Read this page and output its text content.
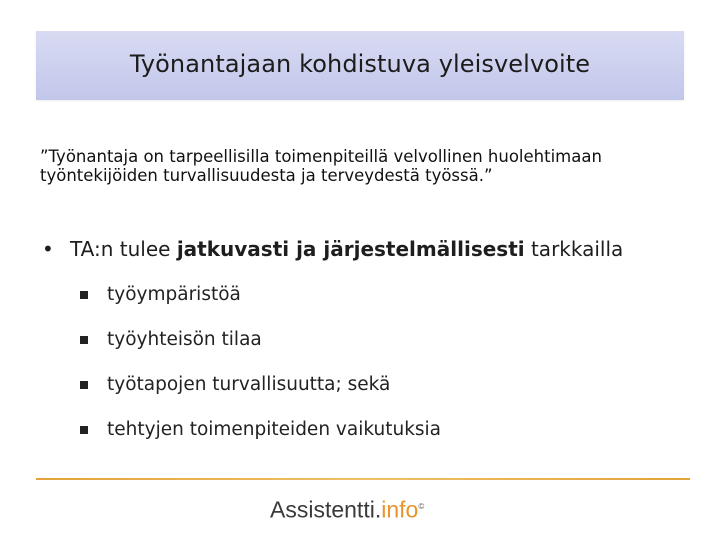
Työnantajaan kohdistuva yleisvelvoite
”Työnantaja on tarpeellisilla toimenpiteillä velvollinen huolehtimaan työntekijöiden turvallisuudesta ja terveydestä työssä.”
• TA:n tulee jatkuvasti ja järjestelmällisesti tarkkailla
työympäristöä
työyhteisön tilaa
työtapojen turvallisuutta; sekä
tehtyjen toimenpiteiden vaikutuksia
Assistentti.info©
